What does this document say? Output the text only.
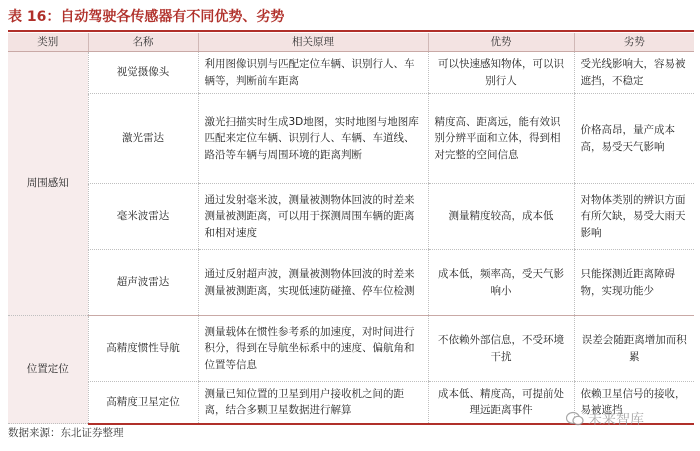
表 16：自动驾驶各传感器有不同优势、劣势
类别	名称	相关原理	优势	劣势
周围感知	视觉摄像头	利用图像识别与匹配定位车辆、识别行人、车辆等，判断前车距离	可以快速感知物体，可以识别行人	受光线影响大，容易被遮挡，不稳定
	激光雷达	激光扫描实时生成3D地图，实时地图与地图库匹配来定位车辆、识别行人、车辆、车道线、路沿等车辆与周围环境的距离判断	精度高、距离远，能有效识别分辨平面和立体，得到相对完整的空间信息	价格高昂，量产成本高，易受天气影响
	毫米波雷达	通过发射毫米波，测量被测物体回波的时差来测量被测距离，可以用于探测周围车辆的距离和相对速度	测量精度较高，成本低	对物体类别的辨识方面有所欠缺，易受大雨天影响
	超声波雷达	通过反射超声波，测量被测物体回波的时差来测量被测距离，实现低速防碰撞、停车位检测	成本低，频率高，受天气影响小	只能探测近距离障碍物，实现功能少
位置定位	高精度惯性导航	测量载体在惯性参考系的加速度，对时间进行积分，得到在导航坐标系中的速度、偏航角和位置等信息	不依赖外部信息，不受环境干扰	误差会随距离增加而积累
	高精度卫星定位	测量已知位置的卫星到用户接收机之间的距离，结合多颗卫星数据进行解算	成本低、精度高，可提前处理远距离事件	依赖卫星信号的接收，易被遮挡
数据来源：东北证券整理
未来智库
